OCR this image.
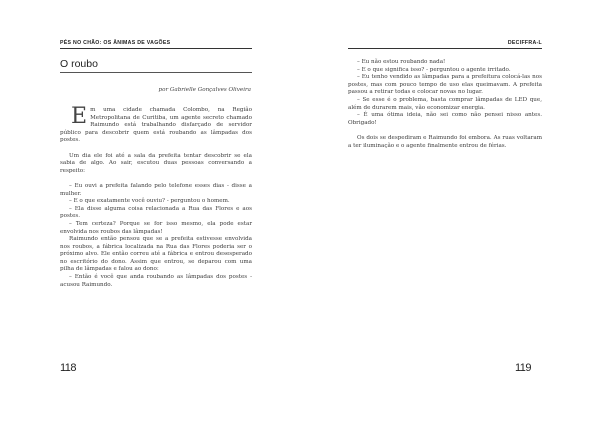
PÉS NO CHÃO: OS ÂNIMAS DE VAGÕES
O roubo
por Gabrielle Gonçalves Oliveira

Em uma cidade chamada Colombo, na Região Metropolitana de Curitiba, um agente secreto chamado Raimundo está trabalhando disfarçado de servidor público para descobrir quem está roubando as lâmpadas dos postes.

Um dia ele foi até a sala da prefeita tentar descobrir se ela sabia de algo. Ao sair, escutou duas pessoas conversando a respeito:

– Eu ouvi a prefeita falando pelo telefone esses dias - disse a mulher.

– E o que exatamente você ouviu? - perguntou o homem.

– Ela disse alguma coisa relacionada a Rua das Flores e aos postes.

– Tem certeza? Porque se for isso mesmo, ela pode estar envolvida nos roubos das lâmpadas!

Raimundo então pensou que se a prefeita estivesse envolvida nos roubos, a fábrica localizada na Rua das Flores poderia ser o próximo alvo. Ele então correu até a fábrica e entrou desesperado no escritório do dono. Assim que entrou, se deparou com uma pilha de lâmpadas e falou ao dono:

– Então é você que anda roubando as lâmpadas dos postes - acusou Raimundo.

118
DECIFFRA-L

– Eu não estou roubando nada!

– E o que significa isso? - perguntou o agente irritado.

– Eu tenho vendido as lâmpadas para a prefeitura colocá-las nos postes, mas com pouco tempo de uso elas queimavam. A prefeita passou a retirar todas e colocar novas no lugar.

– Se esse é o problema, basta comprar lâmpadas de LED que, além de durarem mais, vão economizar energia.

– É uma ótima ideia, não sei como não pensei nisso antes. Obrigado!

Os dois se despediram e Raimundo foi embora. As ruas voltaram a ter iluminação e o agente finalmente entrou de férias.

119
